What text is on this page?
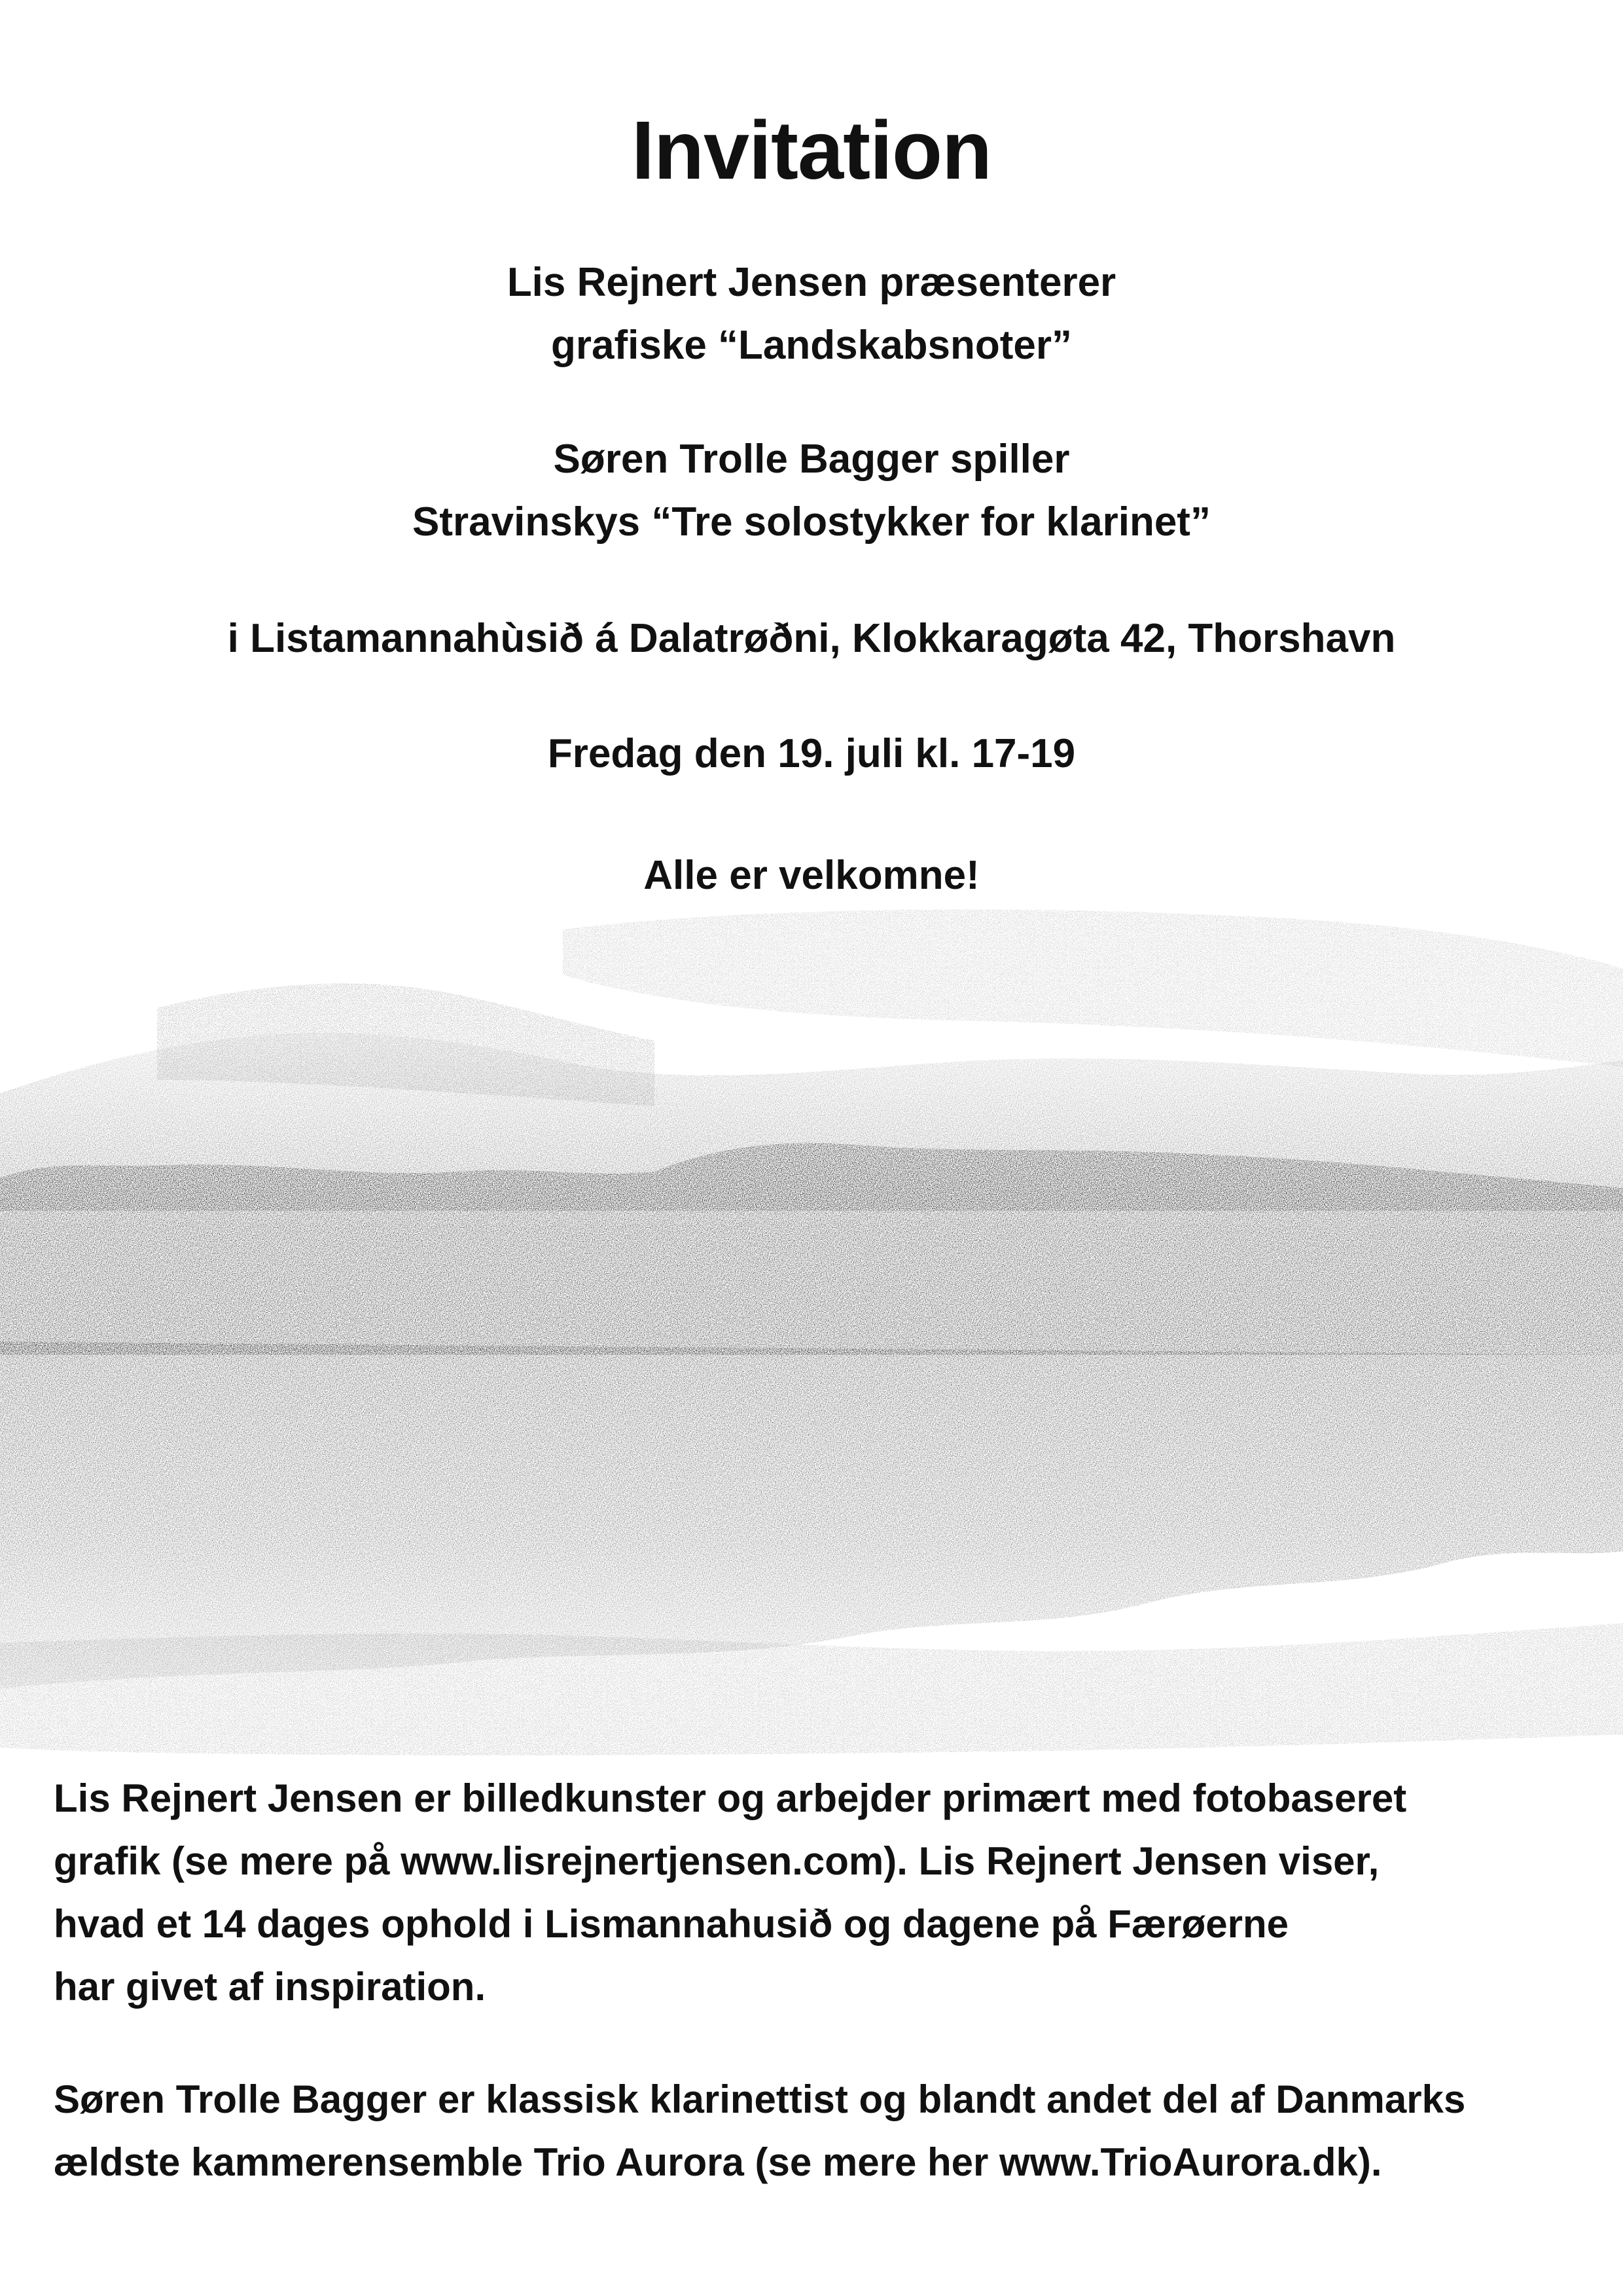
Invitation

Lis Rejnert Jensen præsenterer

grafiske “Landskabsnoter”

Søren Trolle Bagger spiller

Stravinskys “Tre solostykker for klarinet”

i Listamannahùsið á Dalatrøðni, Klokkaragøta 42, Thorshavn

Fredag den 19. juli kl. 17-19

Alle er velkomne!

Lis Rejnert Jensen er billedkunster og arbejder primært med fotobaseret

grafik (se mere på www.lisrejnertjensen.com). Lis Rejnert Jensen viser,

hvad et 14 dages ophold i Lismannahusið og dagene på Færøerne

har givet af inspiration.

Søren Trolle Bagger er klassisk klarinettist og blandt andet del af Danmarks

ældste kammerensemble Trio Aurora (se mere her www.TrioAurora.dk).
